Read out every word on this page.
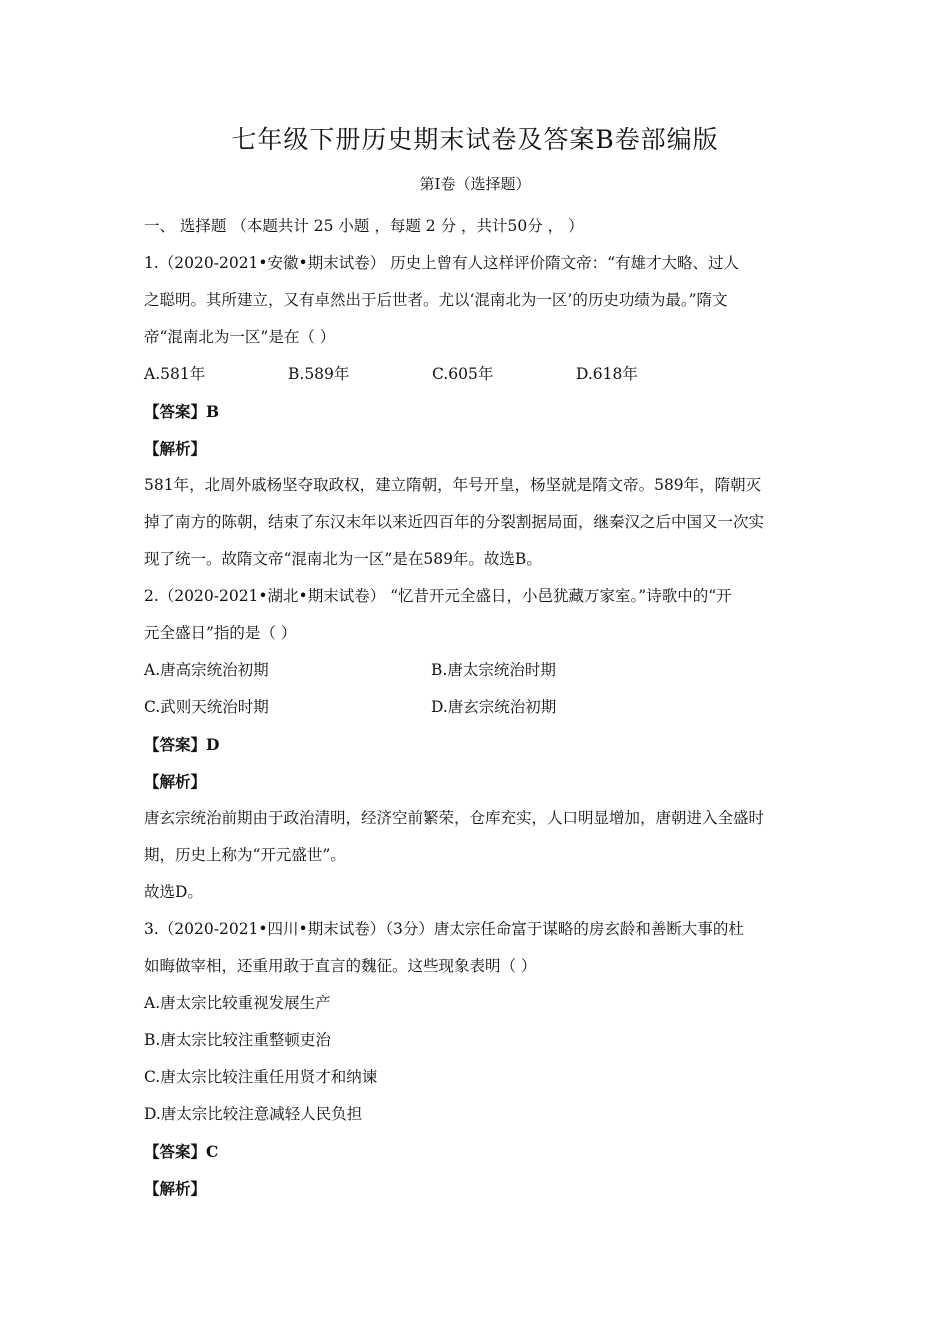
七年级下册历史期末试卷及答案B卷部编版
第I卷（选择题）
一、 选择题 （本题共计 25 小题 ，每题 2 分 ，共计50分 ， ）
1.（2020-2021•安徽•期末试卷） 历史上曾有人这样评价隋文帝：“有雄才大略、过人
之聪明。其所建立，又有卓然出于后世者。尤以‘混南北为一区’的历史功绩为最。”隋文
帝“混南北为一区”是在（ ）
A.581年	B.589年	C.605年	D.618年
【答案】B
【解析】
581年，北周外戚杨坚夺取政权，建立隋朝，年号开皇，杨坚就是隋文帝。589年，隋朝灭
掉了南方的陈朝，结束了东汉末年以来近四百年的分裂割据局面，继秦汉之后中国又一次实
现了统一。故隋文帝“混南北为一区”是在589年。故选B。
2.（2020-2021•湖北•期末试卷） “忆昔开元全盛日，小邑犹藏万家室。”诗歌中的“开
元全盛日”指的是（ ）
A.唐高宗统治初期	B.唐太宗统治时期
C.武则天统治时期	D.唐玄宗统治初期
【答案】D
【解析】
唐玄宗统治前期由于政治清明，经济空前繁荣，仓库充实，人口明显增加，唐朝进入全盛时
期，历史上称为“开元盛世”。
故选D。
3.（2020-2021•四川•期末试卷）（3分）唐太宗任命富于谋略的房玄龄和善断大事的杜
如晦做宰相，还重用敢于直言的魏征。这些现象表明（ ）
A.唐太宗比较重视发展生产
B.唐太宗比较注重整顿吏治
C.唐太宗比较注重任用贤才和纳谏
D.唐太宗比较注意减轻人民负担
【答案】C
【解析】
